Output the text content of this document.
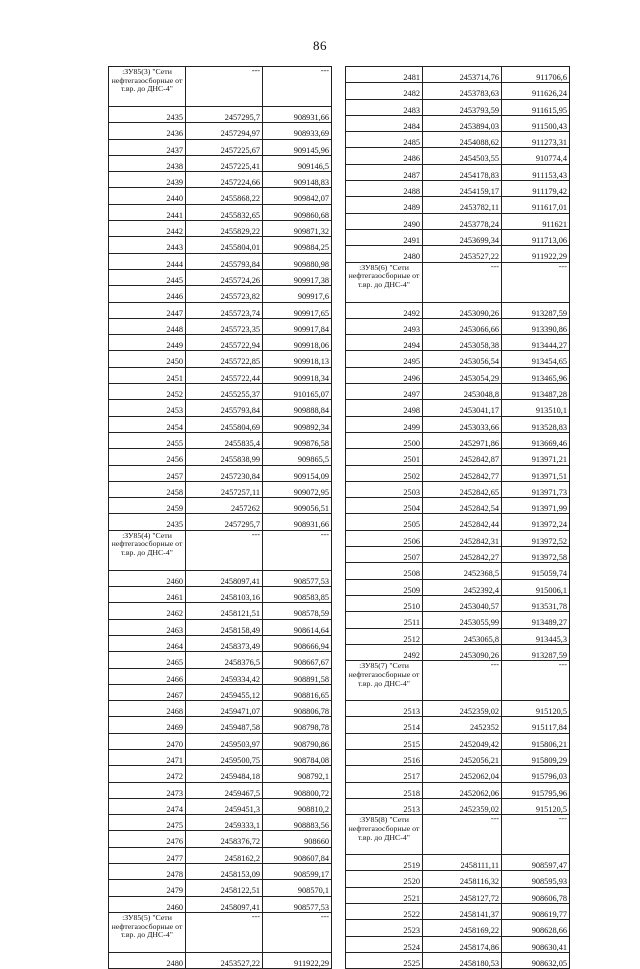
86
:ЗУ85(3) "Сети нефтегазосборные от т.вр. до ДНС-4"	---	---
2435	2457295,7	908931,66
2436	2457294,97	908933,69
2437	2457225,67	909145,96
2438	2457225,41	909146,5
2439	2457224,66	909148,83
2440	2455868,22	909842,07
2441	2455832,65	909860,68
2442	2455829,22	909871,32
2443	2455804,01	909884,25
2444	2455793,84	909880,98
2445	2455724,26	909917,38
2446	2455723,82	909917,6
2447	2455723,74	909917,65
2448	2455723,35	909917,84
2449	2455722,94	909918,06
2450	2455722,85	909918,13
2451	2455722,44	909918,34
2452	2455255,37	910165,07
2453	2455793,84	909888,84
2454	2455804,69	909892,34
2455	2455835,4	909876,58
2456	2455838,99	909865,5
2457	2457230,84	909154,09
2458	2457257,11	909072,95
2459	2457262	909056,51
2435	2457295,7	908931,66
:ЗУ85(4) "Сети нефтегазосборные от т.вр. до ДНС-4"	---	---
2460	2458097,41	908577,53
2461	2458103,16	908583,85
2462	2458121,51	908578,59
2463	2458158,49	908614,64
2464	2458373,49	908666,94
2465	2458376,5	908667,67
2466	2459334,42	908891,58
2467	2459455,12	908816,65
2468	2459471,07	908806,78
2469	2459487,58	908798,78
2470	2459503,97	908790,86
2471	2459500,75	908784,08
2472	2459484,18	908792,1
2473	2459467,5	908800,72
2474	2459451,3	908810,2
2475	2459333,1	908883,56
2476	2458376,72	908660
2477	2458162,2	908607,84
2478	2458153,09	908599,17
2479	2458122,51	908570,1
2460	2458097,41	908577,53
:ЗУ85(5) "Сети нефтегазосборные от т.вр. до ДНС-4"	---	---
2480	2453527,22	911922,29
2481	2453714,76	911706,6
2482	2453783,63	911626,24
2483	2453793,59	911615,95
2484	2453894,03	911500,43
2485	2454088,62	911273,31
2486	2454503,55	910774,4
2487	2454178,83	911153,43
2488	2454159,17	911179,42
2489	2453782,11	911617,01
2490	2453778,24	911621
2491	2453699,34	911713,06
2480	2453527,22	911922,29
:ЗУ85(6) "Сети нефтегазосборные от т.вр. до ДНС-4"	---	---
2492	2453090,26	913287,59
2493	2453066,66	913390,86
2494	2453058,38	913444,27
2495	2453056,54	913454,65
2496	2453054,29	913465,96
2497	2453048,8	913487,28
2498	2453041,17	913510,1
2499	2453033,66	913528,83
2500	2452971,86	913669,46
2501	2452842,87	913971,21
2502	2452842,77	913971,51
2503	2452842,65	913971,73
2504	2452842,54	913971,99
2505	2452842,44	913972,24
2506	2452842,31	913972,52
2507	2452842,27	913972,58
2508	2452368,5	915059,74
2509	2452392,4	915006,1
2510	2453040,57	913531,78
2511	2453055,99	913489,27
2512	2453065,8	913445,3
2492	2453090,26	913287,59
:ЗУ85(7) "Сети нефтегазосборные от т.вр. до ДНС-4"	---	---
2513	2452359,02	915120,5
2514	2452352	915117,84
2515	2452049,42	915806,21
2516	2452056,21	915809,29
2517	2452062,04	915796,03
2518	2452062,06	915795,96
2513	2452359,02	915120,5
:ЗУ85(8) "Сети нефтегазосборные от т.вр. до ДНС-4"	---	---
2519	2458111,11	908597,47
2520	2458116,32	908595,93
2521	2458127,72	908606,78
2522	2458141,37	908619,77
2523	2458169,22	908628,66
2524	2458174,86	908630,41
2525	2458180,53	908632,05
